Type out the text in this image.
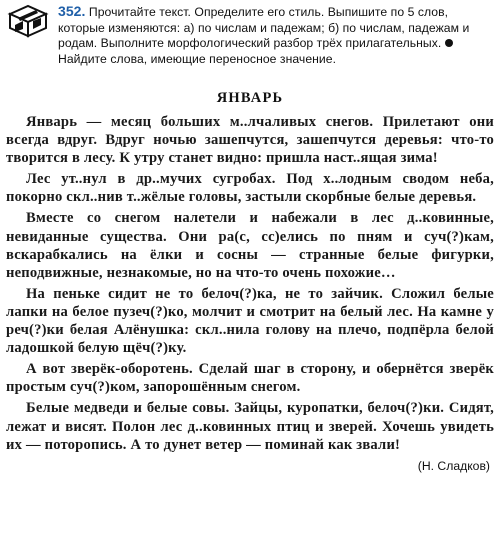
352. Прочитайте текст. Определите его стиль. Выпишите по 5 слов, которые изменяются: а) по числам и падежам; б) по числам, падежам и родам. Выполните морфологический разбор трёх прилагательных.  Найдите слова, имеющие переносное значение.
ЯНВАРЬ

Январь — месяц больших м..лчаливых снегов. Прилетают они всегда вдруг. Вдруг ночью зашепчутся, зашепчутся деревья: что-то творится в лесу. К утру станет видно: пришла наст..ящая зима!

Лес ут..нул в др..мучих сугробах. Под х..лодным сводом неба, покорно скл..нив т..жёлые головы, застыли скорбные белые деревья.

Вместе со снегом налетели и набежали в лес д..ковинные, невиданные существа. Они ра(с, сс)елись по пням и суч(?)кам, вскарабкались на ёлки и сосны — странные белые фигурки, неподвижные, незнакомые, но на что-то очень похожие…

На пеньке сидит не то белоч(?)ка, не то зайчик. Сложил белые лапки на белое пузеч(?)ко, молчит и смотрит на белый лес. На камне у реч(?)ки белая Алёнушка: скл..нила голову на плечо, подпёрла белой ладошкой белую щёч(?)ку.

А вот зверёк-оборотень. Сделай шаг в сторону, и обернётся зверёк простым суч(?)ком, запорошённым снегом.

Белые медведи и белые совы. Зайцы, куропатки, белоч(?)ки. Сидят, лежат и висят. Полон лес д..ковинных птиц и зверей. Хочешь увидеть их — поторопись. А то дунет ветер — поминай как звали!

(Н. Сладков)
